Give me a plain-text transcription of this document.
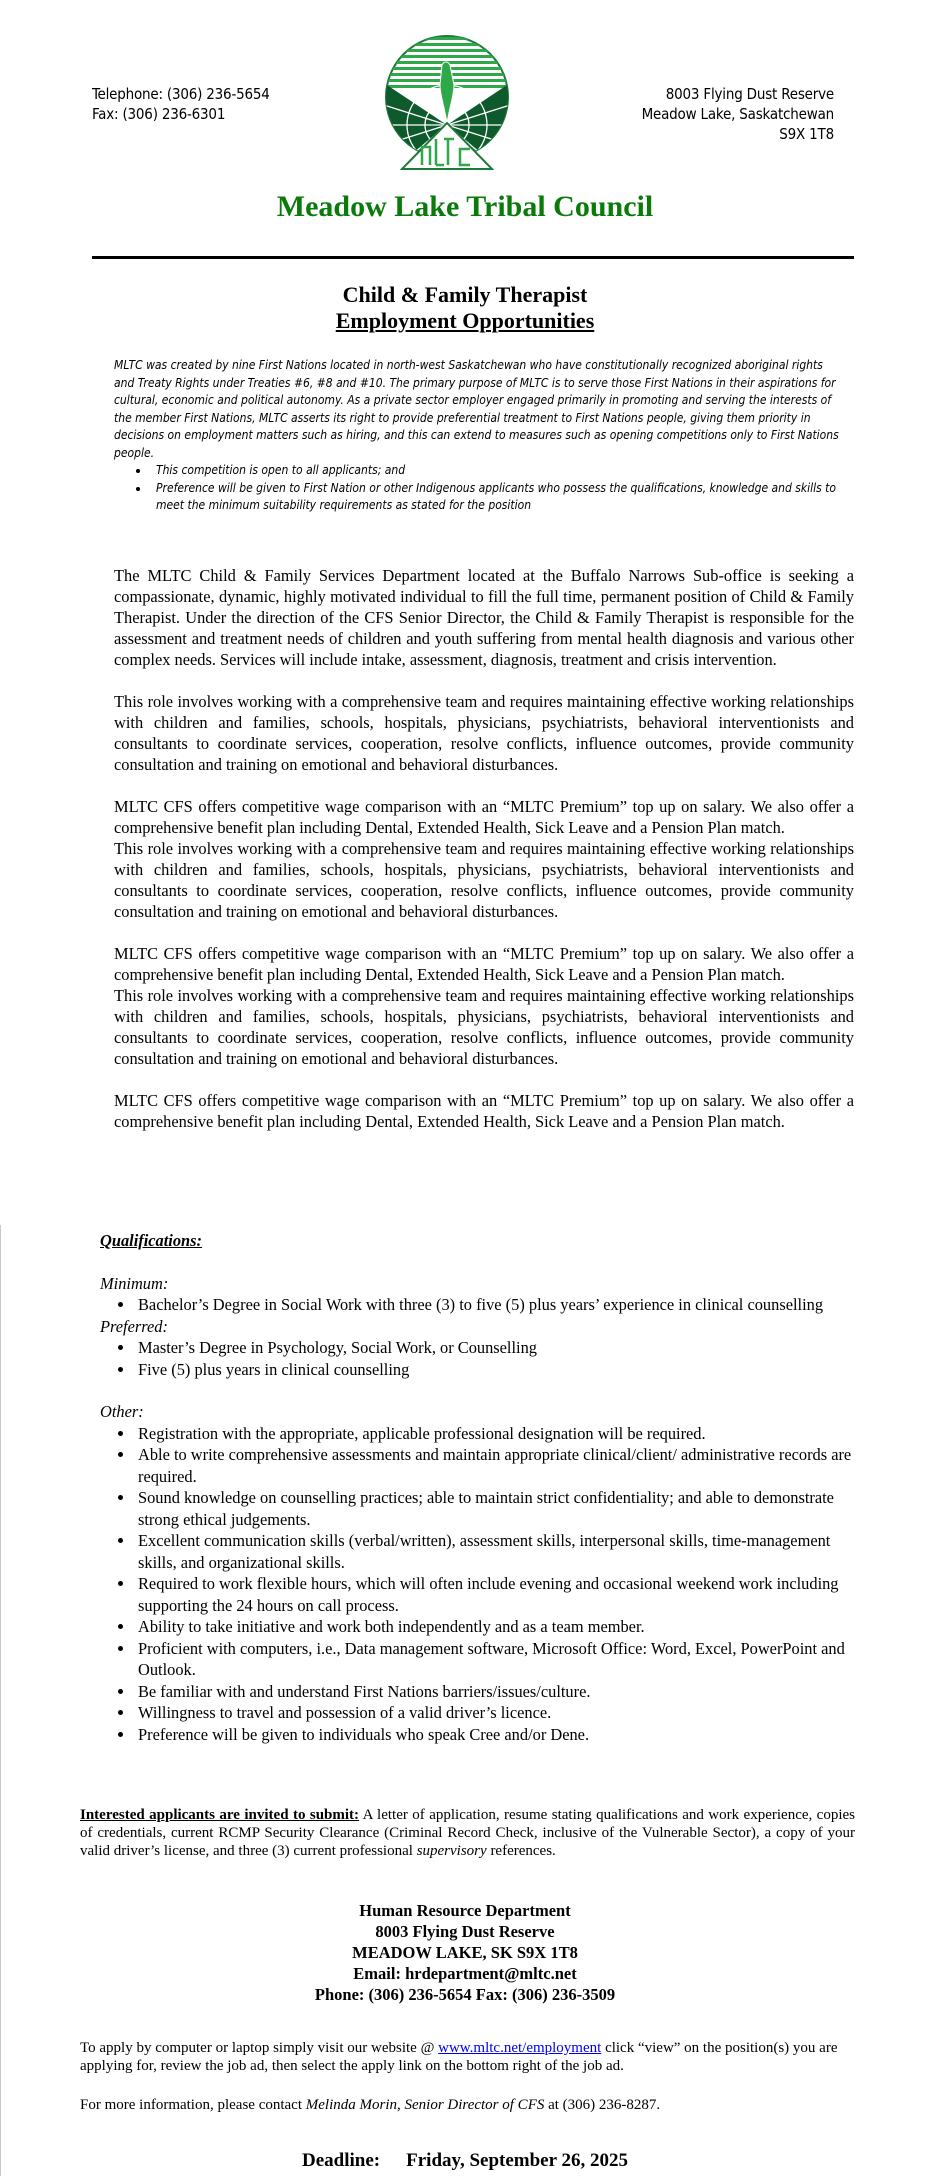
Telephone: (306) 236-5654
Fax: (306) 236-6301
8003 Flying Dust Reserve
Meadow Lake, Saskatchewan
S9X 1T8
Meadow Lake Tribal Council
Child & Family Therapist
Employment Opportunities

MLTC was created by nine First Nations located in north-west Saskatchewan who have constitutionally recognized aboriginal rights and Treaty Rights under Treaties #6, #8 and #10. The primary purpose of MLTC is to serve those First Nations in their aspirations for cultural, economic and political autonomy. As a private sector employer engaged primarily in promoting and serving the interests of the member First Nations, MLTC asserts its right to provide preferential treatment to First Nations people, giving them priority in decisions on employment matters such as hiring, and this can extend to measures such as opening competitions only to First Nations people.

• This competition is open to all applicants; and
• Preference will be given to First Nation or other Indigenous applicants who possess the qualifications, knowledge and skills to meet the minimum suitability requirements as stated for the position

The MLTC Child & Family Services Department located at the Buffalo Narrows Sub-office is seeking a compassionate, dynamic, highly motivated individual to fill the full time, permanent position of Child & Family Therapist. Under the direction of the CFS Senior Director, the Child & Family Therapist is responsible for the assessment and treatment needs of children and youth suffering from mental health diagnosis and various other complex needs. Services will include intake, assessment, diagnosis, treatment and crisis intervention.

This role involves working with a comprehensive team and requires maintaining effective working relationships with children and families, schools, hospitals, physicians, psychiatrists, behavioral interventionists and consultants to coordinate services, cooperation, resolve conflicts, influence outcomes, provide community consultation and training on emotional and behavioral disturbances.

MLTC CFS offers competitive wage comparison with an “MLTC Premium” top up on salary. We also offer a comprehensive benefit plan including Dental, Extended Health, Sick Leave and a Pension Plan match.

This role involves working with a comprehensive team and requires maintaining effective working relationships with children and families, schools, hospitals, physicians, psychiatrists, behavioral interventionists and consultants to coordinate services, cooperation, resolve conflicts, influence outcomes, provide community consultation and training on emotional and behavioral disturbances.

MLTC CFS offers competitive wage comparison with an “MLTC Premium” top up on salary. We also offer a comprehensive benefit plan including Dental, Extended Health, Sick Leave and a Pension Plan match.

This role involves working with a comprehensive team and requires maintaining effective working relationships with children and families, schools, hospitals, physicians, psychiatrists, behavioral interventionists and consultants to coordinate services, cooperation, resolve conflicts, influence outcomes, provide community consultation and training on emotional and behavioral disturbances.

MLTC CFS offers competitive wage comparison with an “MLTC Premium” top up on salary. We also offer a comprehensive benefit plan including Dental, Extended Health, Sick Leave and a Pension Plan match.

Qualifications:

Minimum:

• Bachelor’s Degree in Social Work with three (3) to five (5) plus years’ experience in clinical counselling

Preferred:

• Master’s Degree in Psychology, Social Work, or Counselling
• Five (5) plus years in clinical counselling

Other:

• Registration with the appropriate, applicable professional designation will be required.
• Able to write comprehensive assessments and maintain appropriate clinical/client/ administrative records are required.
• Sound knowledge on counselling practices; able to maintain strict confidentiality; and able to demonstrate strong ethical judgements.
• Excellent communication skills (verbal/written), assessment skills, interpersonal skills, time-management skills, and organizational skills.
• Required to work flexible hours, which will often include evening and occasional weekend work including supporting the 24 hours on call process.
• Ability to take initiative and work both independently and as a team member.
• Proficient with computers, i.e., Data management software, Microsoft Office: Word, Excel, PowerPoint and Outlook.
• Be familiar with and understand First Nations barriers/issues/culture.
• Willingness to travel and possession of a valid driver’s licence.
• Preference will be given to individuals who speak Cree and/or Dene.
Interested applicants are invited to submit: A letter of application, resume stating qualifications and work experience, copies of credentials, current RCMP Security Clearance (Criminal Record Check, inclusive of the Vulnerable Sector), a copy of your valid driver’s license, and three (3) current professional supervisory references.
Human Resource Department
8003 Flying Dust Reserve
MEADOW LAKE, SK S9X 1T8
Email: hrdepartment@mltc.net
Phone: (306) 236-5654 Fax: (306) 236-3509
To apply by computer or laptop simply visit our website @ www.mltc.net/employment click “view” on the position(s) you are applying for, review the job ad, then select the apply link on the bottom right of the job ad.
For more information, please contact Melinda Morin, Senior Director of CFS at (306) 236-8287.
Deadline: Friday, September 26, 2025
